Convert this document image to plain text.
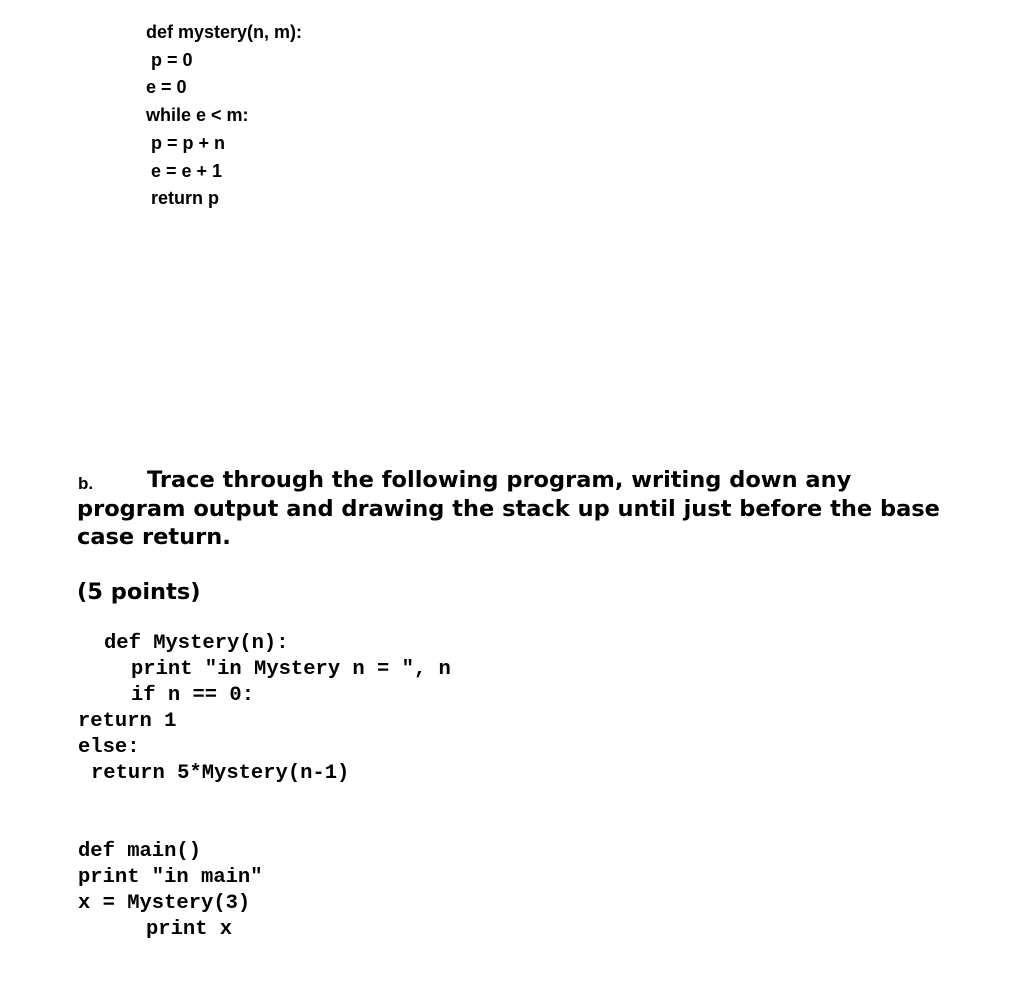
def mystery(n, m):
p = 0
e = 0
while e < m:
p = p + n
e = e + 1
return p
b. Trace through the following program, writing down any
program output and drawing the stack up until just before the base
case return.
(5 points)
def Mystery(n):
print "in Mystery n = ", n
if n == 0:
return 1
else:
return 5*Mystery(n-1)
def main()
print "in main"
x = Mystery(3)
print x
